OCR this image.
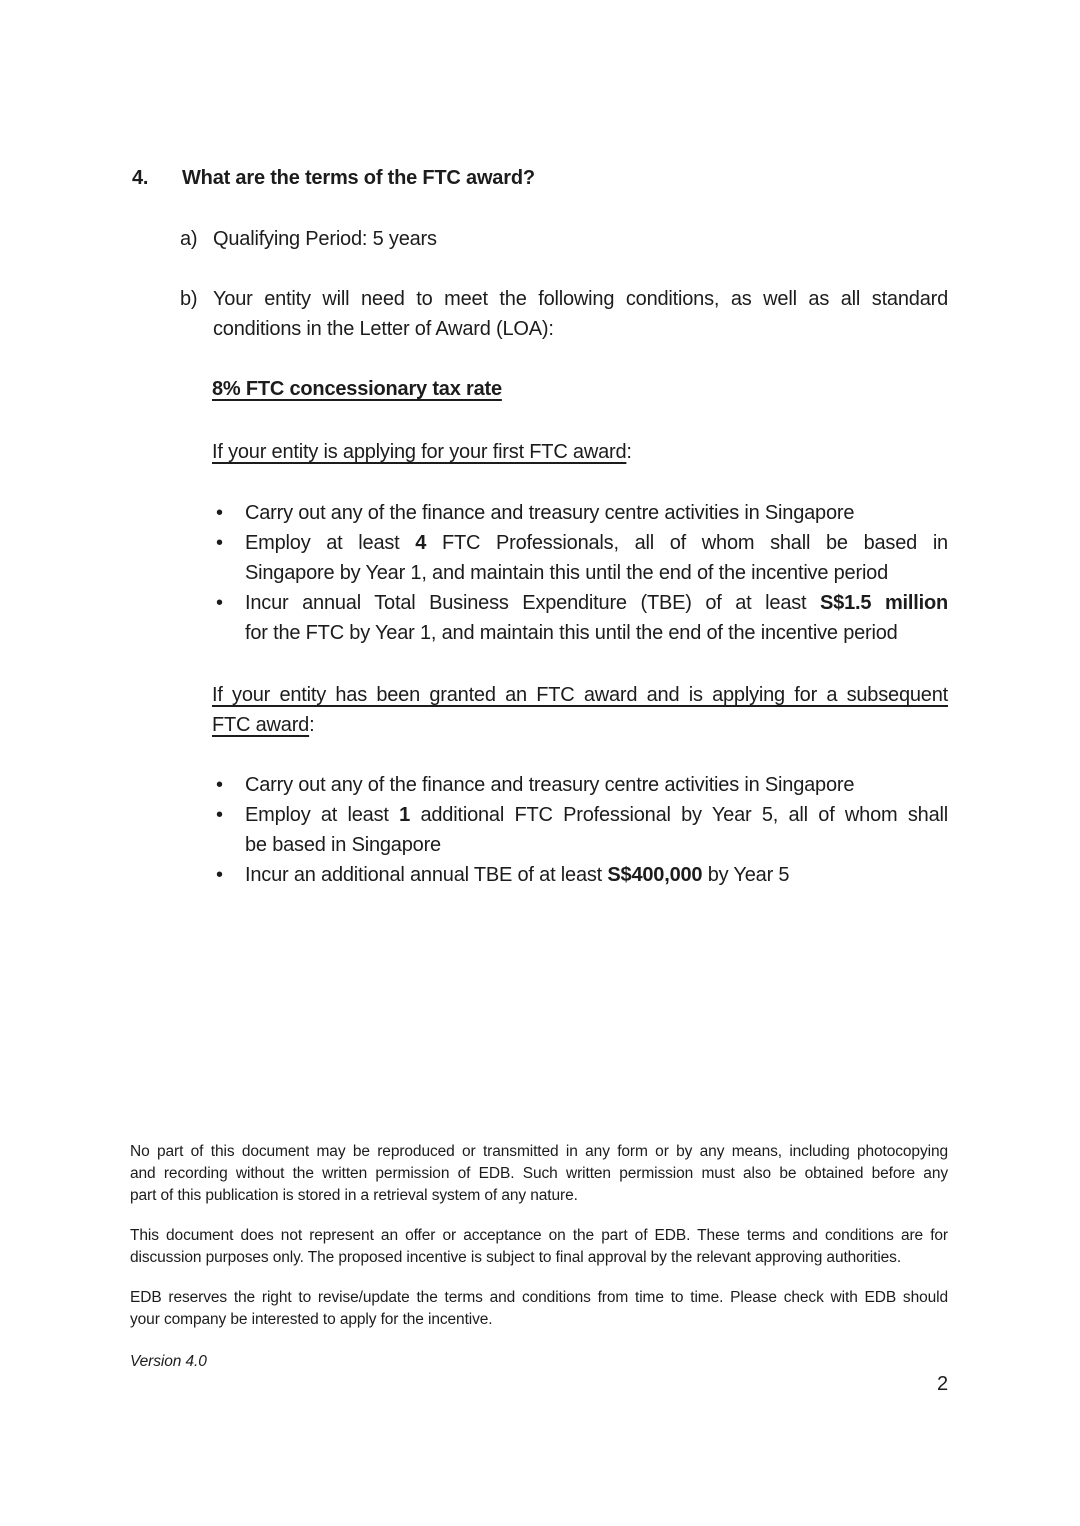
4.	What are the terms of the FTC award?
a) Qualifying Period: 5 years
b) Your entity will need to meet the following conditions, as well as all standard
conditions in the Letter of Award (LOA):
8% FTC concessionary tax rate
If your entity is applying for your first FTC award:
•	Carry out any of the finance and treasury centre activities in Singapore
•	Employ at least 4 FTC Professionals, all of whom shall be based in
Singapore by Year 1, and maintain this until the end of the incentive period
•	Incur annual Total Business Expenditure (TBE) of at least S$1.5 million
for the FTC by Year 1, and maintain this until the end of the incentive period
If your entity has been granted an FTC award and is applying for a subsequent
FTC award:
•	Carry out any of the finance and treasury centre activities in Singapore
•	Employ at least 1 additional FTC Professional by Year 5, all of whom shall
be based in Singapore
•	Incur an additional annual TBE of at least S$400,000 by Year 5
No part of this document may be reproduced or transmitted in any form or by any means, including photocopying
and recording without the written permission of EDB. Such written permission must also be obtained before any
part of this publication is stored in a retrieval system of any nature.
This document does not represent an offer or acceptance on the part of EDB. These terms and conditions are for
discussion purposes only. The proposed incentive is subject to final approval by the relevant approving authorities.
EDB reserves the right to revise/update the terms and conditions from time to time. Please check with EDB should
your company be interested to apply for the incentive.
Version 4.0
2
